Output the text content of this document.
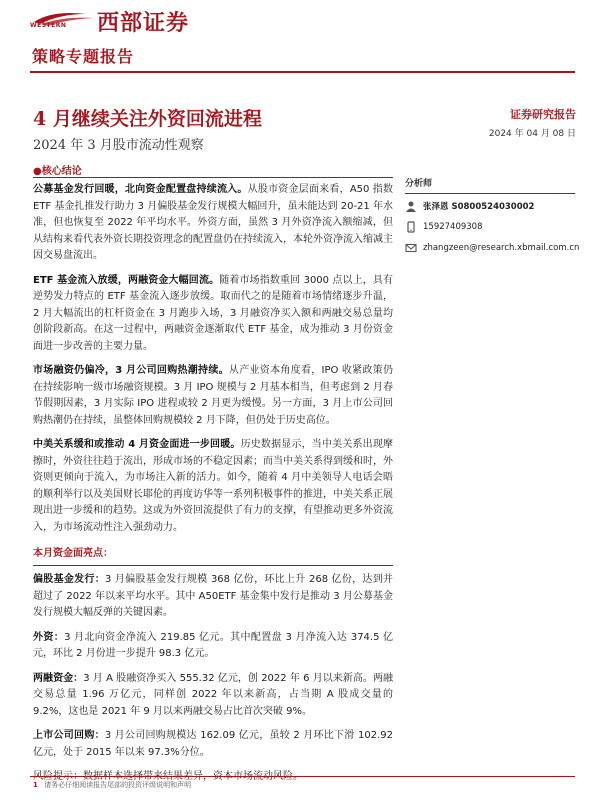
WESTERN 西部证券
策略专题报告
4 月继续关注外资回流进程
2024 年 3 月股市流动性观察
证券研究报告
2024 年 04 月 08 日
●核心结论

公募基金发行回暖，北向资金配置盘持续流入。从股市资金层面来看，A50 指数 ETF 基金扎推发行助力 3 月偏股基金发行规模大幅回升，虽未能达到 20-21 年水准，但也恢复至 2022 年平均水平。外资方面，虽然 3 月外资净流入额缩减，但从结构来看代表外资长期投资理念的配置盘仍在持续流入，本轮外资净流入缩减主因交易盘流出。

ETF 基金流入放缓，两融资金大幅回流。随着市场指数重回 3000 点以上，具有逆势发力特点的 ETF 基金流入逐步放缓。取而代之的是随着市场情绪逐步升温，2 月大幅流出的杠杆资金在 3 月跑步入场，3 月融资净买入额和两融交易总量均创阶段新高。在这一过程中，两融资金逐渐取代 ETF 基金，成为推动 3 月份资金面进一步改善的主要力量。

市场融资仍偏冷，3 月公司回购热潮持续。从产业资本角度看，IPO 收紧政策仍在持续影响一级市场融资规模。3 月 IPO 规模与 2 月基本相当，但考虑到 2 月春节假期因素，3 月实际 IPO 进程或较 2 月更为缓慢。另一方面，3 月上市公司回购热潮仍在持续，虽整体回购规模较 2 月下降，但仍处于历史高位。

中美关系缓和或推动 4 月资金面进一步回暖。历史数据显示，当中美关系出现摩擦时，外资往往趋于流出，形成市场的不稳定因素；而当中美关系得到缓和时，外资则更倾向于流入，为市场注入新的活力。如今，随着 4 月中美领导人电话会晤的顺利举行以及美国财长耶伦的再度访华等一系列积极事件的推进，中美关系正展现出进一步缓和的趋势。这或为外资回流提供了有力的支撑，有望推动更多外资流入，为市场流动性注入强劲动力。

本月资金面亮点：

偏股基金发行：3 月偏股基金发行规模 368 亿份，环比上升 268 亿份，达到并超过了 2022 年以来平均水平。其中 A50ETF 基金集中发行是推动 3 月公募基金发行规模大幅反弹的关键因素。

外资：3 月北向资金净流入 219.85 亿元。其中配置盘 3 月净流入达 374.5 亿元，环比 2 月份进一步提升 98.3 亿元。

两融资金：3 月 A 股融资净买入 555.32 亿元，创 2022 年 6 月以来新高。两融交易总量 1.96 万亿元，同样创 2022 年以来新高，占当期 A 股成交量的 9.2%，这也是 2021 年 9 月以来两融交易占比首次突破 9%。

上市公司回购：3 月公司回购规模达 162.09 亿元，虽较 2 月环比下滑 102.92 亿元，处于 2015 年以来 97.3%分位。

分析师
张泽恩 S0800524030002
15927409308
zhangzeen@research.xbmail.com.cn
1 请务必仔细阅读报告尾部的投资评级说明和声明
